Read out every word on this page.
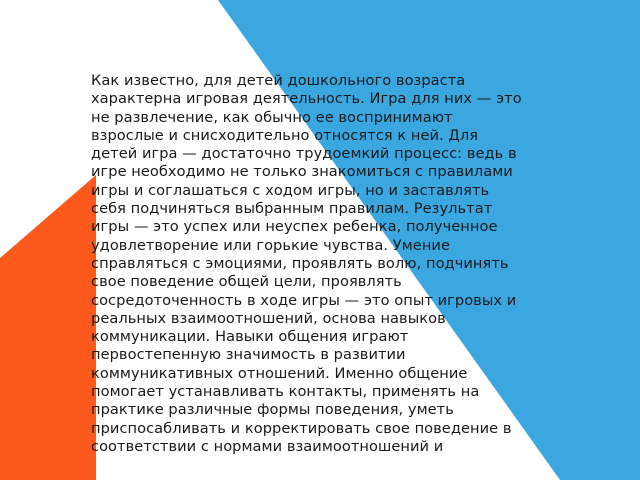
Как известно, для детей дошкольного возраста
характерна игровая деятельность. Игра для них — это
не развлечение, как обычно ее воспринимают
взрослые и снисходительно относятся к ней. Для
детей игра — достаточно трудоемкий процесс: ведь в
игре необходимо не только знакомиться с правилами
игры и соглашаться с ходом игры, но и заставлять
себя подчиняться выбранным правилам. Результат
игры — это успех или неуспех ребенка, полученное
удовлетворение или горькие чувства. Умение
справляться с эмоциями, проявлять волю, подчинять
свое поведение общей цели, проявлять
сосредоточенность в ходе игры — это опыт игровых и
реальных взаимоотношений, основа навыков
коммуникации. Навыки общения играют
первостепенную значимость в развитии
коммуникативных отношений. Именно общение
помогает устанавливать контакты, применять на
практике различные формы поведения, уметь
приспосабливать и корректировать свое поведение в
соответствии с нормами взаимоотношений и
